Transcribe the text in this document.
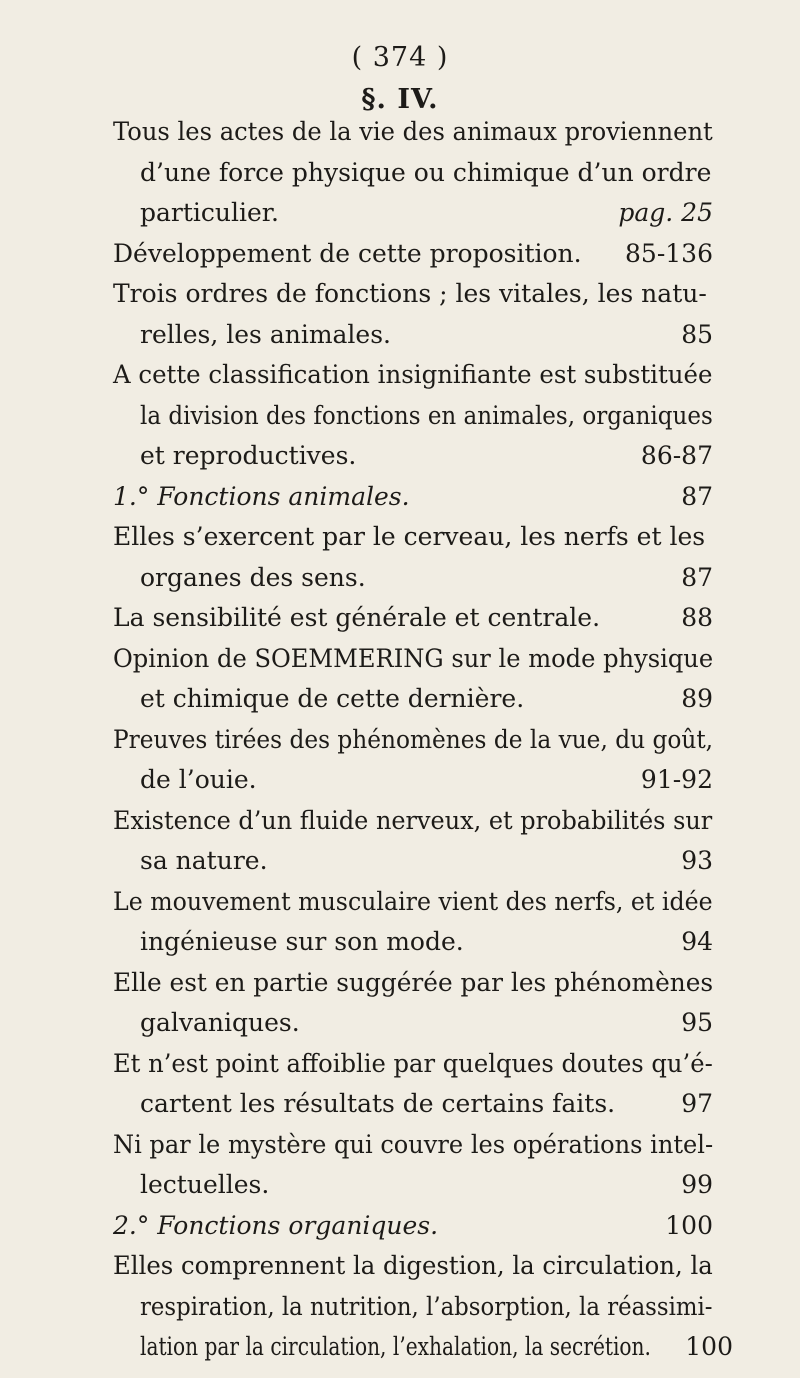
( 374 )
§. IV.
Tous les actes de la vie des animaux proviennent
d’une force physique ou chimique d’un ordre
particulier.	pag. 25
Développement de cette proposition. 85-136
Trois ordres de fonctions ; les vitales, les natu-
relles, les animales.	85
A cette classification insignifiante est substituée
la division des fonctions en animales, organiques
et reproductives.	86-87
1.° Fonctions animales.	87
Elles s’exercent par le cerveau, les nerfs et les
organes des sens.	87
La sensibilité est générale et centrale.	88
Opinion de SOEMMERING sur le mode physique
et chimique de cette dernière.	89
Preuves tirées des phénomènes de la vue, du goût,
de l’ouie.	91-92
Existence d’un fluide nerveux, et probabilités sur
sa nature.	93
Le mouvement musculaire vient des nerfs, et idée
ingénieuse sur son mode.	94
Elle est en partie suggérée par les phénomènes
galvaniques.	95
Et n’est point affoiblie par quelques doutes qu’é-
cartent les résultats de certains faits.	97
Ni par le mystère qui couvre les opérations intel-
lectuelles.	99
2.° Fonctions organiques.	100
Elles comprennent la digestion, la circulation, la
respiration, la nutrition, l’absorption, la réassimi-
lation par la circulation, l’exhalation, la secrétion. 100
